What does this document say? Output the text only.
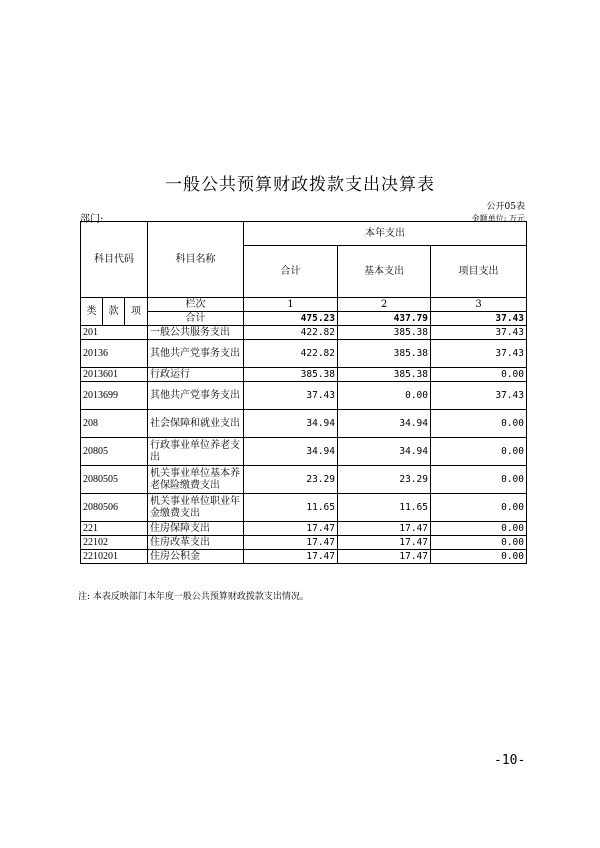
一般公共预算财政拨款支出决算表
公开05表
部门:	金额单位: 万元
科目代码			科目名称	本年支出		
				合计	基本支出	项目支出
类	款	项	栏次	1	2	3
			合计	475.23	437.79	37.43
201			一般公共服务支出	422.82	385.38	37.43
20136			其他共产党事务支出	422.82	385.38	37.43
2013601			行政运行	385.38	385.38	0.00
2013699			其他共产党事务支出	37.43	0.00	37.43
208			社会保障和就业支出	34.94	34.94	0.00
20805			行政事业单位养老支出	34.94	34.94	0.00
2080505			机关事业单位基本养老保险缴费支出	23.29	23.29	0.00
2080506			机关事业单位职业年金缴费支出	11.65	11.65	0.00
221			住房保障支出	17.47	17.47	0.00
22102			住房改革支出	17.47	17.47	0.00
2210201			住房公积金	17.47	17.47	0.00
注: 本表反映部门本年度一般公共预算财政拨款支出情况。
-10-
